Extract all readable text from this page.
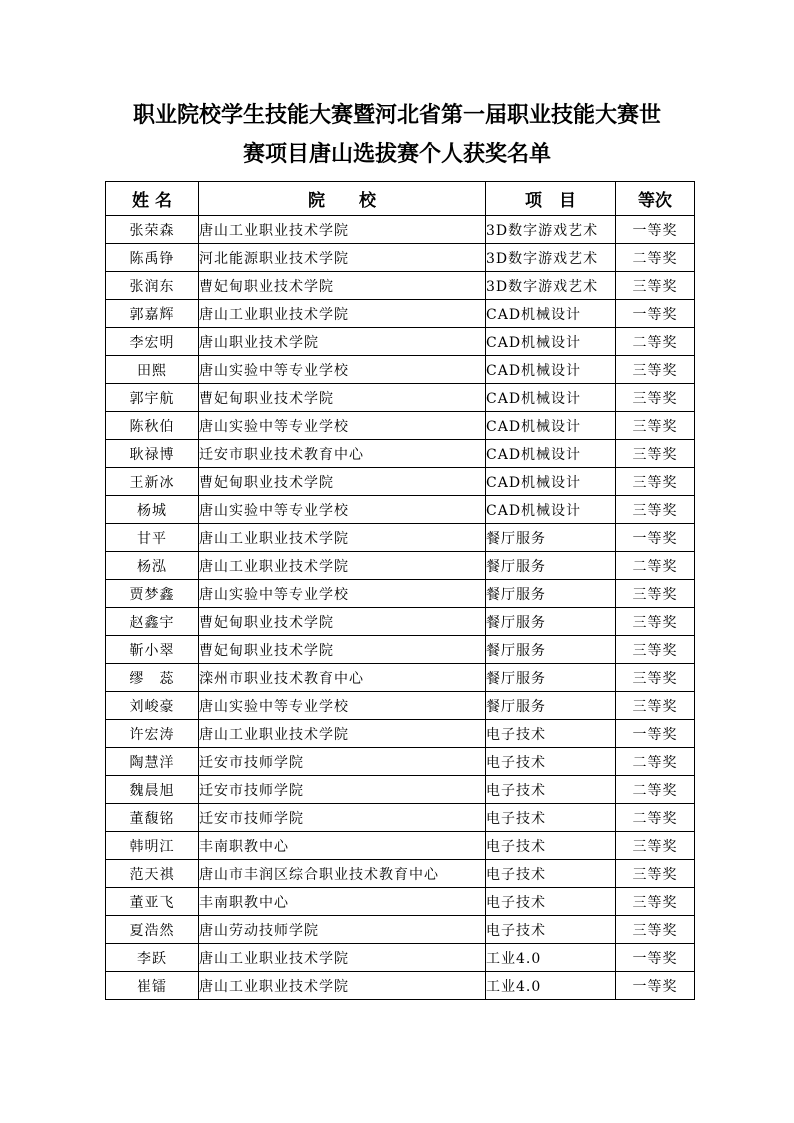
职业院校学生技能大赛暨河北省第一届职业技能大赛世
赛项目唐山选拔赛个人获奖名单
姓 名	院　　校	项　目	等次
张荣森	唐山工业职业技术学院	3D数字游戏艺术	一等奖
陈禹铮	河北能源职业技术学院	3D数字游戏艺术	二等奖
张润东	曹妃甸职业技术学院	3D数字游戏艺术	三等奖
郭嘉辉	唐山工业职业技术学院	CAD机械设计	一等奖
李宏明	唐山职业技术学院	CAD机械设计	二等奖
田熙	唐山实验中等专业学校	CAD机械设计	三等奖
郭宇航	曹妃甸职业技术学院	CAD机械设计	三等奖
陈秋伯	唐山实验中等专业学校	CAD机械设计	三等奖
耿禄博	迁安市职业技术教育中心	CAD机械设计	三等奖
王新冰	曹妃甸职业技术学院	CAD机械设计	三等奖
杨城	唐山实验中等专业学校	CAD机械设计	三等奖
甘平	唐山工业职业技术学院	餐厅服务	一等奖
杨泓	唐山工业职业技术学院	餐厅服务	二等奖
贾梦鑫	唐山实验中等专业学校	餐厅服务	三等奖
赵鑫宇	曹妃甸职业技术学院	餐厅服务	三等奖
靳小翠	曹妃甸职业技术学院	餐厅服务	三等奖
缪　蕊	滦州市职业技术教育中心	餐厅服务	三等奖
刘峻豪	唐山实验中等专业学校	餐厅服务	三等奖
许宏涛	唐山工业职业技术学院	电子技术	一等奖
陶慧洋	迁安市技师学院	电子技术	二等奖
魏晨旭	迁安市技师学院	电子技术	二等奖
董馥铭	迁安市技师学院	电子技术	二等奖
韩明江	丰南职教中心	电子技术	三等奖
范天祺	唐山市丰润区综合职业技术教育中心	电子技术	三等奖
董亚飞	丰南职教中心	电子技术	三等奖
夏浩然	唐山劳动技师学院	电子技术	三等奖
李跃	唐山工业职业技术学院	工业4.0	一等奖
崔镭	唐山工业职业技术学院	工业4.0	一等奖
